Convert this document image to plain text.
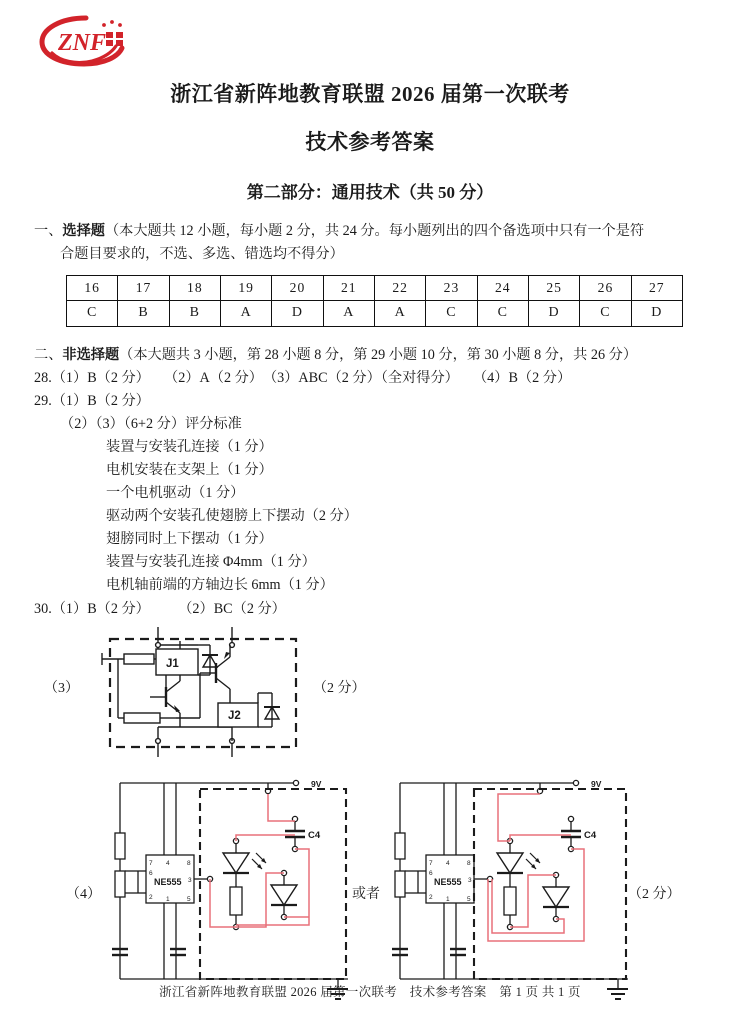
ZNF
浙江省新阵地教育联盟 2026 届第一次联考
技术参考答案
第二部分：通用技术（共 50 分）
一、选择题（本大题共 12 小题，每小题 2 分，共 24 分。每小题列出的四个备选项中只有一个是符
合题目要求的，不选、多选、错选均不得分）
16	17	18	19	20	21	22	23	24	25	26	27
C	B	B	A	D	A	A	C	C	D	C	D
二、非选择题（本大题共 3 小题，第 28 小题 8 分，第 29 小题 10 分，第 30 小题 8 分，共 26 分）
28.（1）B（2 分）　　（2）A（2 分）　（3）ABC（2 分）（全对得分）　　（4）B（2 分）
29.（1）B（2 分）
（2）（3）（6+2 分）评分标准
装置与安装孔连接（1 分）
电机安装在支架上（1 分）
一个电机驱动（1 分）
驱动两个安装孔使翅膀上下摆动（2 分）
翅膀同时上下摆动（1 分）
装置与安装孔连接 Φ4mm（1 分）
电机轴前端的方轴边长 6mm（1 分）
30.（1）B（2 分）　　　（2）BC（2 分）
（3）	（2 分）
J1
J2
（4）	或者	（2 分）
9V
C4
NE555
7 4	8
6
2
3
1	5
9V
C4
NE555
7 4	8
6
2
3
1	5
浙江省新阵地教育联盟 2026 届第一次联考　技术参考答案　第 1 页 共 1 页
